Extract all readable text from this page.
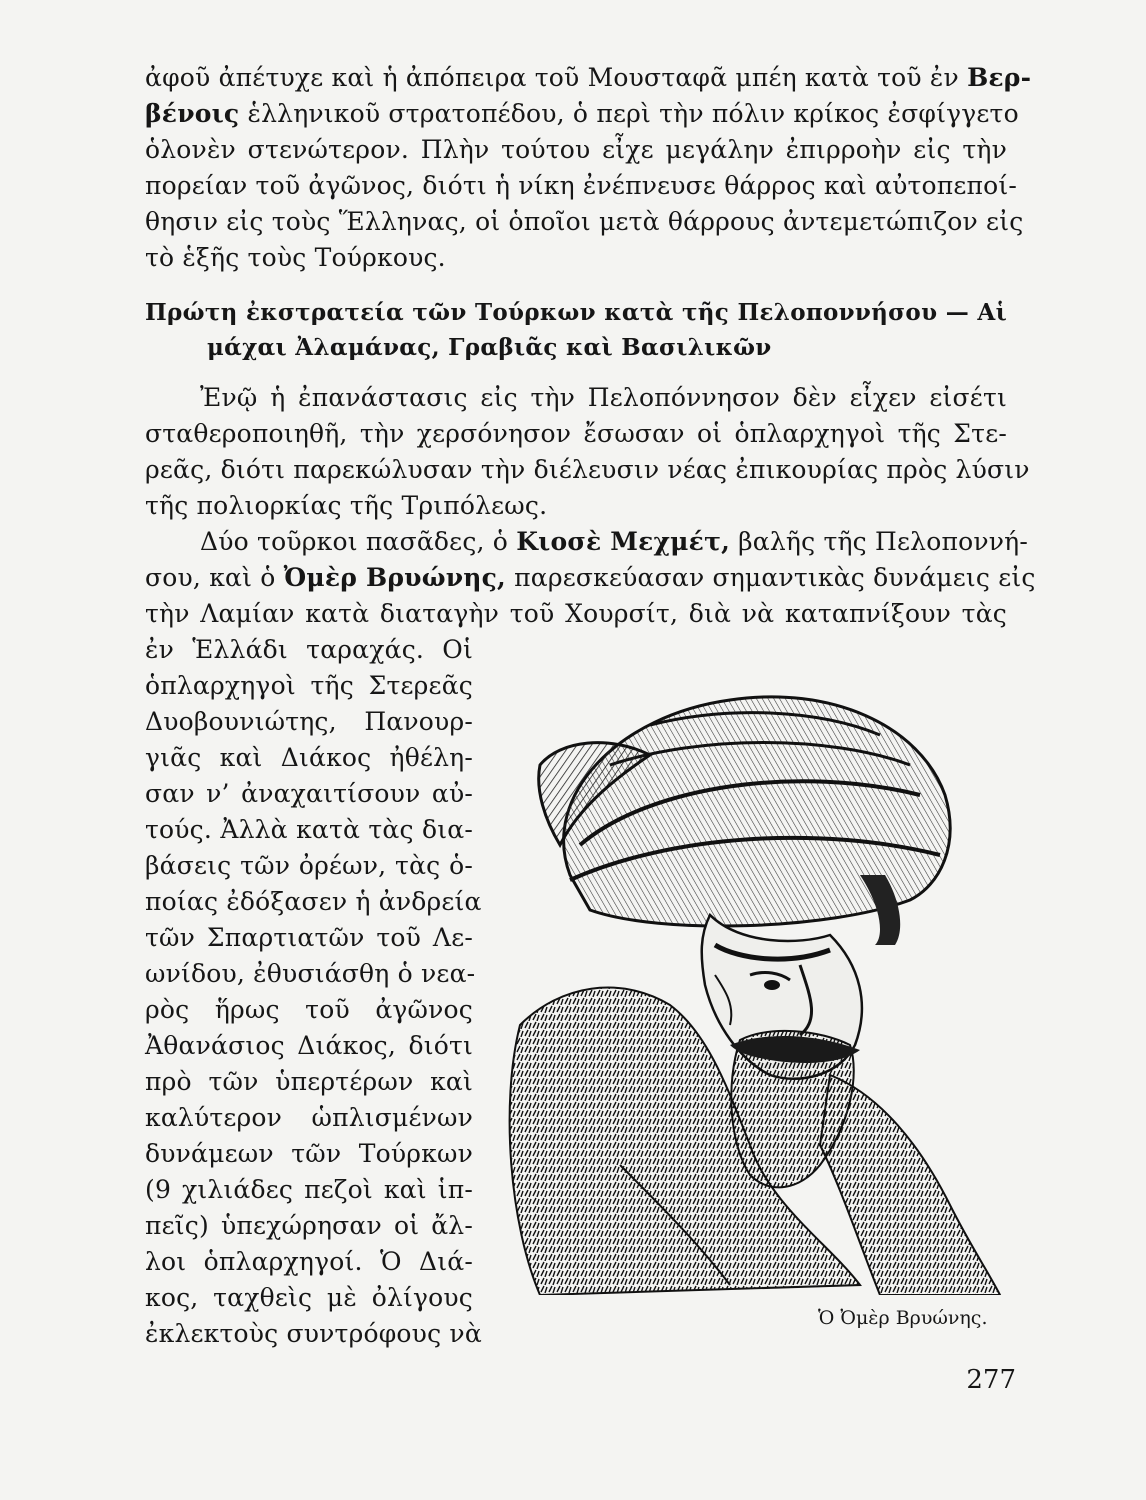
ἀφοῦ ἀπέτυχε καὶ ἡ ἀπόπειρα τοῦ Μουσταφᾶ μπέη κατὰ τοῦ ἐν Βερ-
βένοις ἑλληνικοῦ στρατοπέδου, ὁ περὶ τὴν πόλιν κρίκος ἐσφίγγετο
ὁλονὲν στενώτερον. Πλὴν τούτου εἶχε μεγάλην ἐπιρροὴν εἰς τὴν
πορείαν τοῦ ἀγῶνος, διότι ἡ νίκη ἐνέπνευσε θάρρος καὶ αὐτοπεποί-
θησιν εἰς τοὺς Ἕλληνας, οἱ ὁποῖοι μετὰ θάρρους ἀντεμετώπιζον εἰς
τὸ ἑξῆς τοὺς Τούρκους.
Πρώτη ἐκστρατεία τῶν Τούρκων κατὰ τῆς Πελοποννήσου — Αἱ
μάχαι Ἀλαμάνας, Γραβιᾶς καὶ Βασιλικῶν
Ἐνῷ ἡ ἐπανάστασις εἰς τὴν Πελοπόννησον δὲν εἶχεν εἰσέτι
σταθεροποιηθῆ, τὴν χερσόνησον ἔσωσαν οἱ ὁπλαρχηγοὶ τῆς Στε-
ρεᾶς, διότι παρεκώλυσαν τὴν διέλευσιν νέας ἐπικουρίας πρὸς λύσιν
τῆς πολιορκίας τῆς Τριπόλεως.
Δύο τοῦρκοι πασᾶδες, ὁ Κιοσὲ Μεχμέτ, βαλῆς τῆς Πελοποννή-
σου, καὶ ὁ Ὀμὲρ Βρυώνης, παρεσκεύασαν σημαντικὰς δυνάμεις εἰς
τὴν Λαμίαν κατὰ διαταγὴν τοῦ Χουρσίτ, διὰ νὰ καταπνίξουν τὰς
ἐν Ἑλλάδι ταραχάς. Οἱ
ὁπλαρχηγοὶ τῆς Στερεᾶς
Δυοβουνιώτης, Πανουρ-
γιᾶς καὶ Διάκος ἠθέλη-
σαν ν’ ἀναχαιτίσουν αὐ-
τούς. Ἀλλὰ κατὰ τὰς δια-
βάσεις τῶν ὀρέων, τὰς ὁ-
ποίας ἐδόξασεν ἡ ἀνδρεία
τῶν Σπαρτιατῶν τοῦ Λε-
ωνίδου, ἐθυσιάσθη ὁ νεα-
ρὸς ἥρως τοῦ ἀγῶνος
Ἀθανάσιος Διάκος, διότι
πρὸ τῶν ὑπερτέρων καὶ
καλύτερον ὡπλισμένων
δυνάμεων τῶν Τούρκων
(9 χιλιάδες πεζοὶ καὶ ἱπ-
πεῖς) ὑπεχώρησαν οἱ ἄλ-
λοι ὁπλαρχηγοί. Ὁ Διά-
κος, ταχθεὶς μὲ ὀλίγους
ἐκλεκτοὺς συντρόφους νὰ
Ὁ Ὀμὲρ Βρυώνης.
277
